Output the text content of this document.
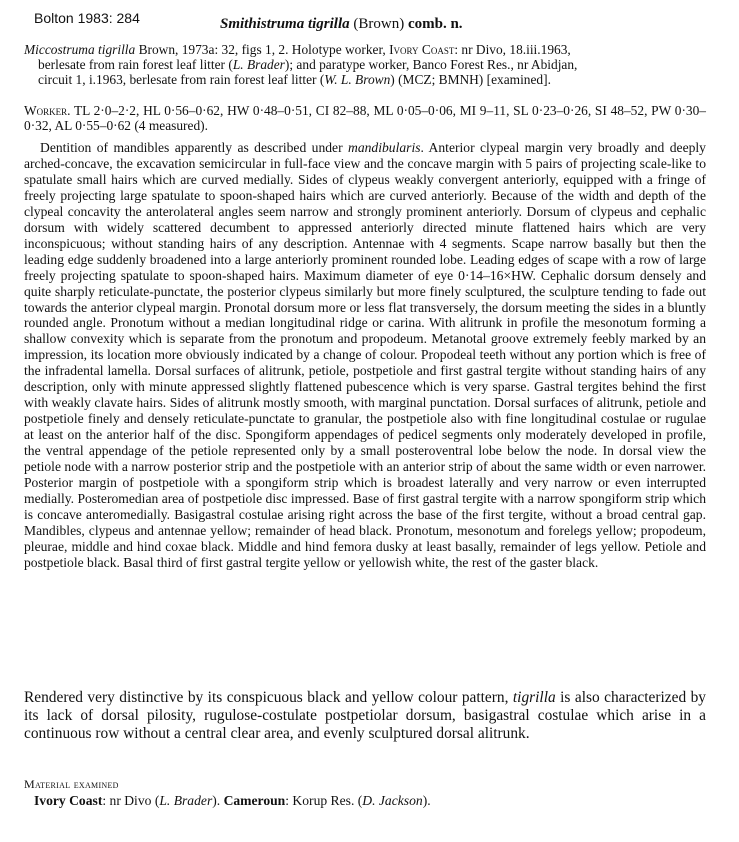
Bolton 1983: 284	Smithistruma tigrilla (Brown) comb. n.
Miccostruma tigrilla Brown, 1973a: 32, figs 1, 2. Holotype worker, Ivory Coast: nr Divo, 18.iii.1963,
berlesate from rain forest leaf litter (L. Brader); and paratype worker, Banco Forest Res., nr Abidjan,
circuit 1, i.1963, berlesate from rain forest leaf litter (W. L. Brown) (MCZ; BMNH) [examined].
Worker. TL 2·0–2·2, HL 0·56–0·62, HW 0·48–0·51, CI 82–88, ML 0·05–0·06, MI 9–11, SL 0·23–0·26, SI 48–52, PW 0·30–0·32, AL 0·55–0·62 (4 measured).
Dentition of mandibles apparently as described under mandibularis. Anterior clypeal margin very broadly and deeply arched-concave, the excavation semicircular in full-face view and the concave margin with 5 pairs of projecting scale-like to spatulate small hairs which are curved medially. Sides of clypeus weakly convergent anteriorly, equipped with a fringe of freely projecting large spatulate to spoon-shaped hairs which are curved anteriorly. Because of the width and depth of the clypeal concavity the anterolateral angles seem narrow and strongly prominent anteriorly. Dorsum of clypeus and cephalic dorsum with widely scattered decumbent to appressed anteriorly directed minute flattened hairs which are very inconspicuous; without standing hairs of any description. Antennae with 4 segments. Scape narrow basally but then the leading edge suddenly broadened into a large anteriorly prominent rounded lobe. Leading edges of scape with a row of large freely projecting spatulate to spoon-shaped hairs. Maximum diameter of eye 0·14–16×HW. Cephalic dorsum densely and quite sharply reticulate-punctate, the posterior clypeus similarly but more finely sculptured, the sculpture tending to fade out towards the anterior clypeal margin. Pronotal dorsum more or less flat transversely, the dorsum meeting the sides in a bluntly rounded angle. Pronotum without a median longitudinal ridge or carina. With alitrunk in profile the mesonotum forming a shallow convexity which is separate from the pronotum and propodeum. Metanotal groove extremely feebly marked by an impression, its location more obviously indicated by a change of colour. Propodeal teeth without any portion which is free of the infradental lamella. Dorsal surfaces of alitrunk, petiole, postpetiole and first gastral tergite without standing hairs of any description, only with minute appressed slightly flattened pubescence which is very sparse. Gastral tergites behind the first with weakly clavate hairs. Sides of alitrunk mostly smooth, with marginal punctation. Dorsal surfaces of alitrunk, petiole and postpetiole finely and densely reticulate-punctate to granular, the postpetiole also with fine longitudinal costulae or rugulae at least on the anterior half of the disc. Spongiform appendages of pedicel segments only moderately developed in profile, the ventral appendage of the petiole represented only by a small posteroventral lobe below the node. In dorsal view the petiole node with a narrow posterior strip and the postpetiole with an anterior strip of about the same width or even narrower. Posterior margin of postpetiole with a spongiform strip which is broadest laterally and very narrow or even interrupted medially. Posteromedian area of postpetiole disc impressed. Base of first gastral tergite with a narrow spongiform strip which is concave anteromedially. Basigastral costulae arising right across the base of the first tergite, without a broad central gap. Mandibles, clypeus and antennae yellow; remainder of head black. Pronotum, mesonotum and forelegs yellow; propodeum, pleurae, middle and hind coxae black. Middle and hind femora dusky at least basally, remainder of legs yellow. Petiole and postpetiole black. Basal third of first gastral tergite yellow or yellowish white, the rest of the gaster black.
Rendered very distinctive by its conspicuous black and yellow colour pattern, tigrilla is also characterized by its lack of dorsal pilosity, rugulose-costulate postpetiolar dorsum, basigastral costulae which arise in a continuous row without a central clear area, and evenly sculptured dorsal alitrunk.
Material examined
Ivory Coast: nr Divo (L. Brader). Cameroun: Korup Res. (D. Jackson).
